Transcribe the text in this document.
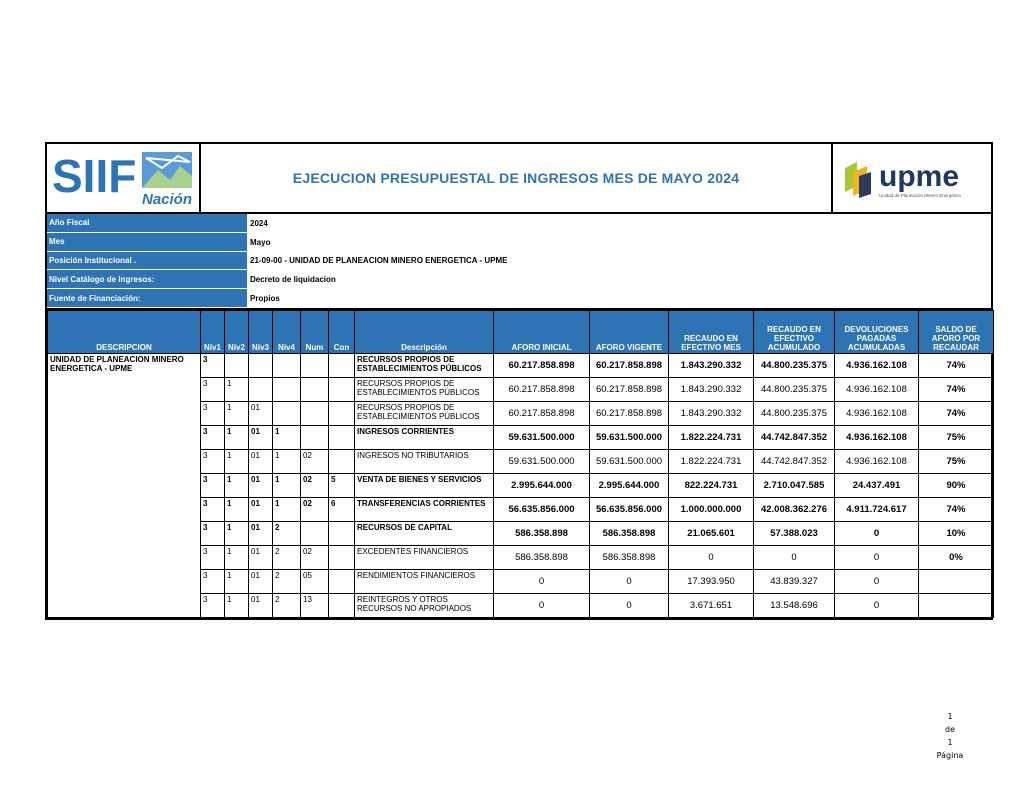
SIIF Nación
EJECUCION PRESUPUESTAL DE INGRESOS MES DE MAYO 2024	upme
Unidad de Planeación Minero Energética
Año Fiscal	2024
Mes	Mayo
Posición Institucional .	21-09-00 - UNIDAD DE PLANEACION MINERO ENERGETICA - UPME
Nivel Catálogo de Ingresos:	Decreto de liquidacion
Fuente de Financiación:	Propios
DESCRIPCION	Niv1	Niv2	Niv3	Niv4	Num	Con	Descripción	AFORO INICIAL	AFORO VIGENTE	RECAUDO EN EFECTIVO MES	RECAUDO EN EFECTIVO ACUMULADO	DEVOLUCIONES PAGADAS ACUMULADAS	SALDO DE AFORO POR RECAUDAR
UNIDAD DE PLANEACION MINERO ENERGETICA - UPME	3						RECURSOS PROPIOS DE ESTABLECIMIENTOS PÚBLICOS	60.217.858.898	60.217.858.898	1.843.290.332	44.800.235.375	4.936.162.108	74%
	3	1					RECURSOS PROPIOS DE ESTABLECIMIENTOS PÚBLICOS	60.217.858.898	60.217.858.898	1.843.290.332	44.800.235.375	4.936.162.108	74%
	3	1	01				RECURSOS PROPIOS DE ESTABLECIMIENTOS PÚBLICOS	60.217.858.898	60.217.858.898	1.843.290.332	44.800.235.375	4.936.162.108	74%
	3	1	01	1			INGRESOS CORRIENTES	59.631.500.000	59.631.500.000	1.822.224.731	44.742.847.352	4.936.162.108	75%
	3	1	01	1	02		INGRESOS NO TRIBUTARIOS	59.631.500.000	59.631.500.000	1.822.224.731	44.742.847.352	4.936.162.108	75%
	3	1	01	1	02	5	VENTA DE BIENES Y SERVICIOS	2.995.644.000	2.995.644.000	822.224.731	2.710.047.585	24.437.491	90%
	3	1	01	1	02	6	TRANSFERENCIAS CORRIENTES	56.635.856.000	56.635.856.000	1.000.000.000	42.008.362.276	4.911.724.617	74%
	3	1	01	2			RECURSOS DE CAPITAL	586.358.898	586.358.898	21.065.601	57.388.023	0	10%
	3	1	01	2	02		EXCEDENTES FINANCIEROS	586.358.898	586.358.898	0	0	0	0%
	3	1	01	2	05		RENDIMIENTOS FINANCIEROS	0	0	17.393.950	43.839.327	0	
	3	1	01	2	13		REINTEGROS Y OTROS RECURSOS NO APROPIADOS	0	0	3.671.651	13.548.696	0	
1
de
1
Página
